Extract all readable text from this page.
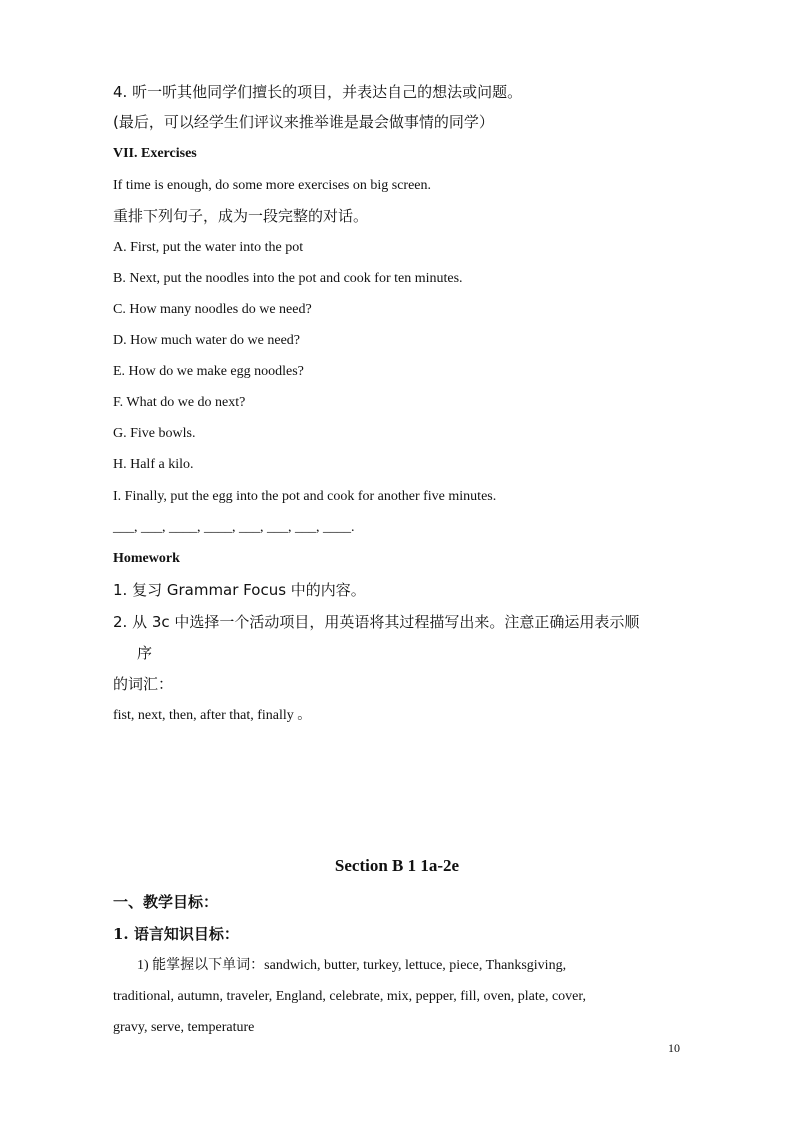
4. 听一听其他同学们擅长的项目，并表达自己的想法或问题。
(最后，可以经学生们评议来推举谁是最会做事情的同学）
VII. Exercises
If time is enough, do some more exercises on big screen.
重排下列句子，成为一段完整的对话。
A. First, put the water into the pot
B. Next, put the noodles into the pot and cook for ten minutes.
C. How many noodles do we need?
D. How much water do we need?
E. How do we make egg noodles?
F. What do we do next?
G. Five bowls.
H. Half a kilo.
I. Finally, put the egg into the pot and cook for another five minutes.
___, ___, ____, ____, ___, ___, ___, ____.
Homework
1. 复习 Grammar Focus 中的内容。
2. 从 3c 中选择一个活动项目，用英语将其过程描写出来。注意正确运用表示顺
序
的词汇：
fist, next, then, after that, finally 。
Section B 1 1a-2e
一、教学目标：
1. 语言知识目标：
1) 能掌握以下单词：sandwich, butter, turkey, lettuce, piece, Thanksgiving,
traditional, autumn, traveler, England, celebrate, mix, pepper, fill, oven, plate, cover,
gravy, serve, temperature
10
